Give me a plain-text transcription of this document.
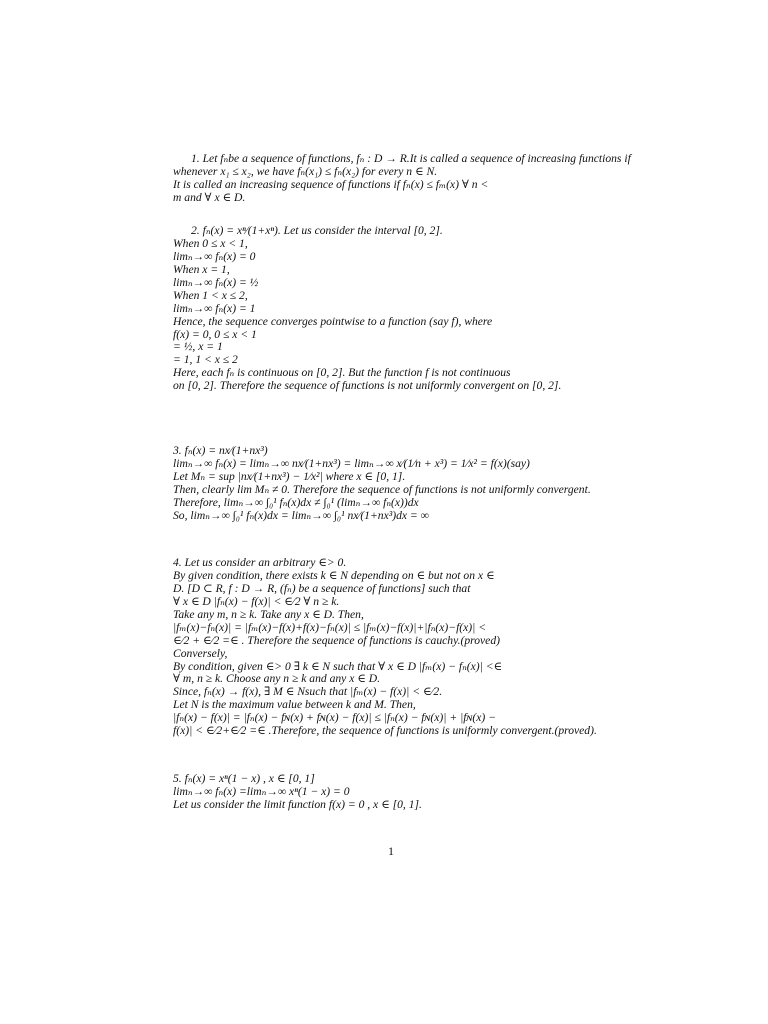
1. Let fₙbe a sequence of functions, fₙ : D → R.It is called a sequence of increasing functions if
whenever x₁ ≤ x₂, we have fₙ(x₁) ≤ fₙ(x₂) for every n ∈ N.
It is called an increasing sequence of functions if fₙ(x) ≤ fₘ(x) ∀ n <
m and ∀ x ∈ D.
2. fₙ(x) = xⁿ⁄(1+xⁿ). Let us consider the interval [0, 2].
When 0 ≤ x < 1,
limₙ→∞ fₙ(x) = 0
When x = 1,
limₙ→∞ fₙ(x) = ½
When 1 < x ≤ 2,
limₙ→∞ fₙ(x) = 1
Hence, the sequence converges pointwise to a function (say f), where
f(x) = 0, 0 ≤ x < 1
= ½, x = 1
= 1, 1 < x ≤ 2
Here, each fₙ is continuous on [0, 2]. But the function f is not continuous
on [0, 2]. Therefore the sequence of functions is not uniformly convergent on [0, 2].
3. fₙ(x) = nx⁄(1+nx³)
limₙ→∞ fₙ(x) = limₙ→∞ nx⁄(1+nx³) = limₙ→∞ x⁄(1⁄n + x³) = 1⁄x² = f(x)(say)
Let Mₙ = sup |nx⁄(1+nx³) − 1⁄x²| where x ∈ [0, 1].
Then, clearly lim Mₙ ≠ 0. Therefore the sequence of functions is not uniformly convergent.
Therefore, limₙ→∞ ∫₀¹ fₙ(x)dx ≠ ∫₀¹ (limₙ→∞ fₙ(x))dx
So, limₙ→∞ ∫₀¹ fₙ(x)dx = limₙ→∞ ∫₀¹ nx⁄(1+nx³)dx = ∞
4. Let us consider an arbitrary ∈> 0.
By given condition, there exists k ∈ N depending on ∈ but not on x ∈
D. [D ⊂ R, f : D → R, (fₙ) be a sequence of functions] such that
∀ x ∈ D |fₙ(x) − f(x)| < ∈⁄2 ∀ n ≥ k.
Take any m, n ≥ k. Take any x ∈ D. Then,
|fₘ(x)−fₙ(x)| = |fₘ(x)−f(x)+f(x)−fₙ(x)| ≤ |fₘ(x)−f(x)|+|fₙ(x)−f(x)| <
∈⁄2 + ∈⁄2 =∈ . Therefore the sequence of functions is cauchy.(proved)
Conversely,
By condition, given ∈> 0 ∃ k ∈ N such that ∀ x ∈ D |fₘ(x) − fₙ(x)| <∈
∀ m, n ≥ k. Choose any n ≥ k and any x ∈ D.
Since, fₙ(x) → f(x), ∃ M ∈ Nsuch that |fₘ(x) − f(x)| < ∈⁄2.
Let N is the maximum value between k and M. Then,
|fₙ(x) − f(x)| = |fₙ(x) − fɴ(x) + fɴ(x) − f(x)| ≤ |fₙ(x) − fɴ(x)| + |fɴ(x) −
f(x)| < ∈⁄2+∈⁄2 =∈ .Therefore, the sequence of functions is uniformly convergent.(proved).
5. fₙ(x) = xⁿ(1 − x) , x ∈ [0, 1]
limₙ→∞ fₙ(x) =limₙ→∞ xⁿ(1 − x) = 0
Let us consider the limit function f(x) = 0 , x ∈ [0, 1].
1
